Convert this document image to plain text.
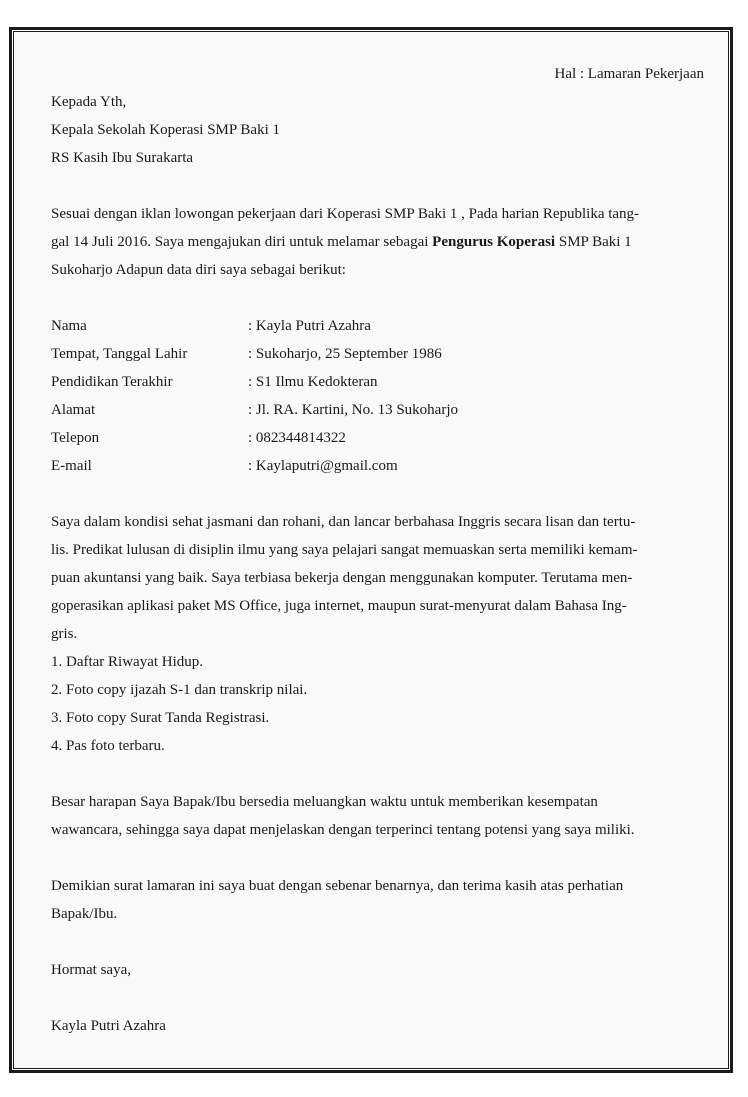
Hal : Lamaran Pekerjaan
Kepada Yth,
Kepala Sekolah Koperasi SMP Baki 1
RS Kasih Ibu Surakarta
Sesuai dengan iklan lowongan pekerjaan dari Koperasi SMP Baki 1 , Pada harian Republika tang-
gal 14 Juli 2016. Saya mengajukan diri untuk melamar sebagai Pengurus Koperasi SMP Baki 1
Sukoharjo Adapun data diri saya sebagai berikut:
Nama	: Kayla Putri Azahra
Tempat, Tanggal Lahir	: Sukoharjo, 25 September 1986
Pendidikan Terakhir	: S1 Ilmu Kedokteran
Alamat	: Jl. RA. Kartini, No. 13 Sukoharjo
Telepon	: 082344814322
E-mail	: Kaylaputri@gmail.com
Saya dalam kondisi sehat jasmani dan rohani, dan lancar berbahasa Inggris secara lisan dan tertu-
lis. Predikat lulusan di disiplin ilmu yang saya pelajari sangat memuaskan serta memiliki kemam-
puan akuntansi yang baik. Saya terbiasa bekerja dengan menggunakan komputer. Terutama men-
goperasikan aplikasi paket MS Office, juga internet, maupun surat-menyurat dalam Bahasa Ing-
gris.
1. Daftar Riwayat Hidup.
2. Foto copy ijazah S-1 dan transkrip nilai.
3. Foto copy Surat Tanda Registrasi.
4. Pas foto terbaru.
Besar harapan Saya Bapak/Ibu bersedia meluangkan waktu untuk memberikan kesempatan
wawancara, sehingga saya dapat menjelaskan dengan terperinci tentang potensi yang saya miliki.
Demikian surat lamaran ini saya buat dengan sebenar benarnya, dan terima kasih atas perhatian
Bapak/Ibu.
Hormat saya,
Kayla Putri Azahra
